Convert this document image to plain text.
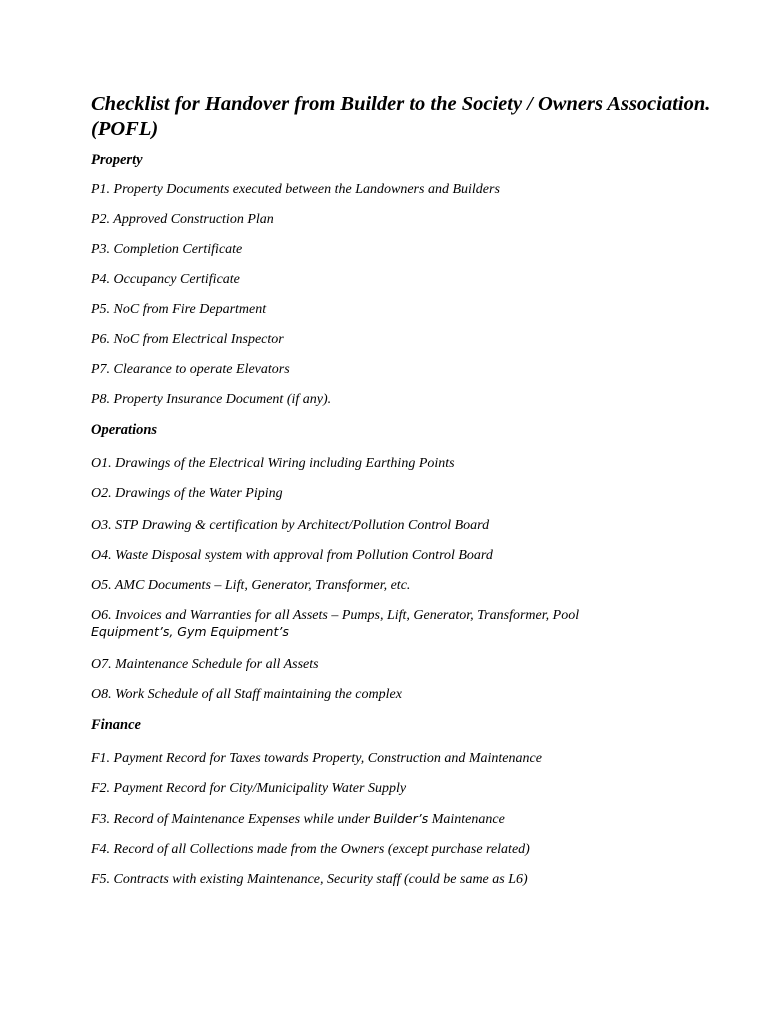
Checklist for Handover from Builder to the Society / Owners Association. (POFL)
Property
P1. Property Documents executed between the Landowners and Builders
P2. Approved Construction Plan
P3. Completion Certificate
P4. Occupancy Certificate
P5. NoC from Fire Department
P6. NoC from Electrical Inspector
P7. Clearance to operate Elevators
P8. Property Insurance Document (if any).
Operations
O1. Drawings of the Electrical Wiring including Earthing Points
O2. Drawings of the Water Piping
O3. STP Drawing & certification by Architect/Pollution Control Board
O4. Waste Disposal system with approval from Pollution Control Board
O5. AMC Documents – Lift, Generator, Transformer, etc.
O6. Invoices and Warranties for all Assets – Pumps, Lift, Generator, Transformer, Pool
Equipment’s, Gym Equipment’s
O7. Maintenance Schedule for all Assets
O8. Work Schedule of all Staff maintaining the complex
Finance
F1. Payment Record for Taxes towards Property, Construction and Maintenance
F2. Payment Record for City/Municipality Water Supply
F3. Record of Maintenance Expenses while under Builder’s Maintenance
F4. Record of all Collections made from the Owners (except purchase related)
F5. Contracts with existing Maintenance, Security staff (could be same as L6)
